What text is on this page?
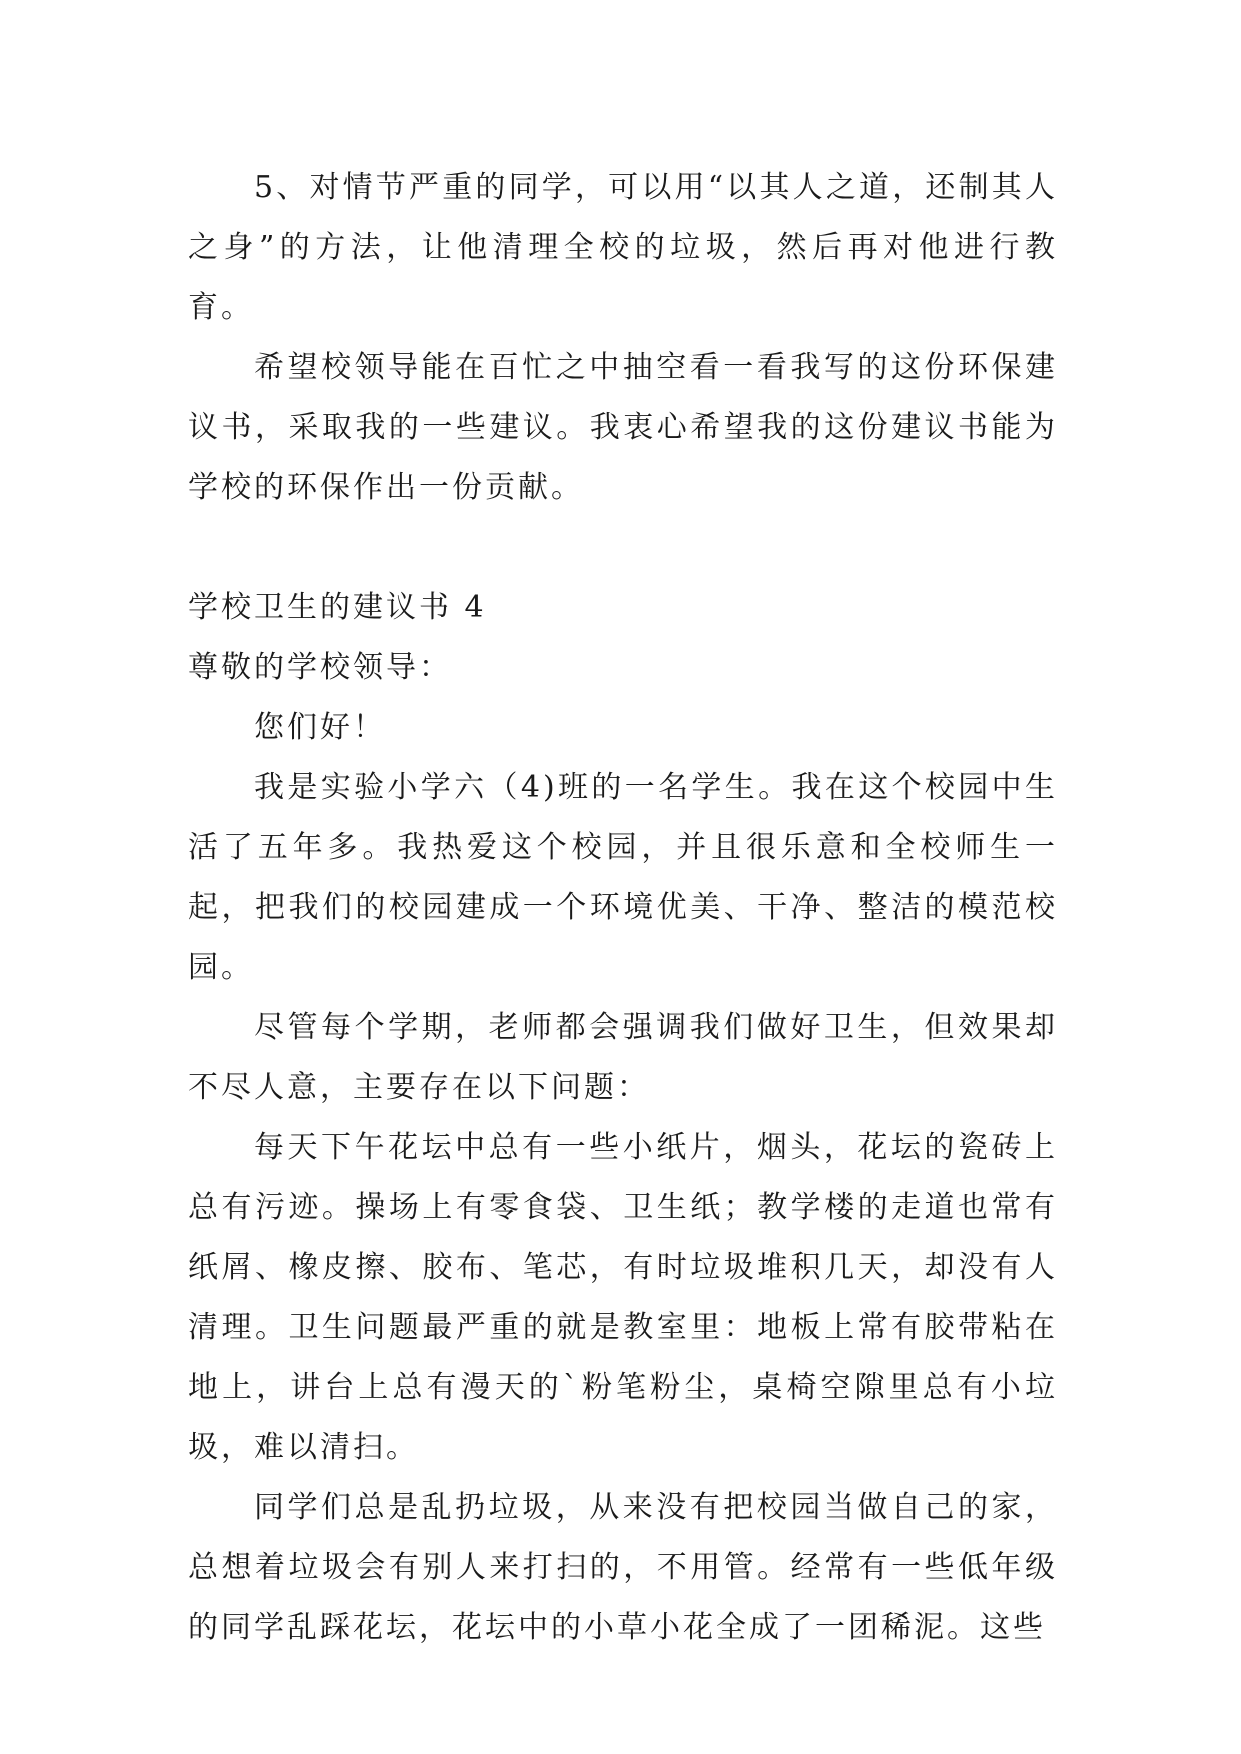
5、对情节严重的同学，可以用“以其人之道，还制其人之身”的方法，让他清理全校的垃圾，然后再对他进行教育。

希望校领导能在百忙之中抽空看一看我写的这份环保建议书，采取我的一些建议。我衷心希望我的这份建议书能为学校的环保作出一份贡献。

学校卫生的建议书 4

尊敬的学校领导：

您们好！

我是实验小学六（4)班的一名学生。我在这个校园中生活了五年多。我热爱这个校园，并且很乐意和全校师生一起，把我们的校园建成一个环境优美、干净、整洁的模范校园。

尽管每个学期，老师都会强调我们做好卫生，但效果却不尽人意，主要存在以下问题：

每天下午花坛中总有一些小纸片，烟头，花坛的瓷砖上总有污迹。操场上有零食袋、卫生纸；教学楼的走道也常有纸屑、橡皮擦、胶布、笔芯，有时垃圾堆积几天，却没有人清理。卫生问题最严重的就是教室里：地板上常有胶带粘在地上，讲台上总有漫天的`粉笔粉尘，桌椅空隙里总有小垃圾，难以清扫。

同学们总是乱扔垃圾，从来没有把校园当做自己的家，总想着垃圾会有别人来打扫的，不用管。经常有一些低年级的同学乱踩花坛，花坛中的小草小花全成了一团稀泥。这些
